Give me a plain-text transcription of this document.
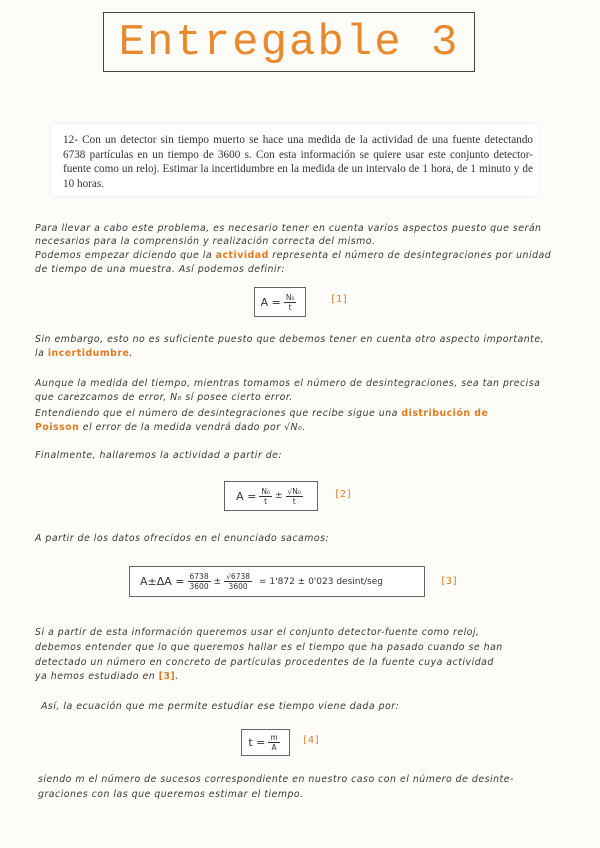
Entregable 3

12- Con un detector sin tiempo muerto se hace una medida de la actividad de una fuente detectando 6738 partículas en un tiempo de 3600 s. Con esta información se quiere usar este conjunto detector-fuente como un reloj. Estimar la incertidumbre en la medida de un intervalo de 1 hora, de 1 minuto y de 10 horas.

Para llevar a cabo este problema, es necesario tener en cuenta varios aspectos puesto que serán
necesarios para la comprensión y realización correcta del mismo.
Podemos empezar diciendo que la actividad representa el número de desintegraciones por unidad
de tiempo de una muestra. Así podemos definir:
$A = \frac{\text{N₀}}{t}$	[1]
Sin embargo, esto no es suficiente puesto que debemos tener en cuenta otro aspecto importante,
la incertidumbre.
Aunque la medida del tiempo, mientras tomamos el número de desintegraciones, sea tan precisa
que carezcamos de error, N₀ sí posee cierto error.
Entendiendo que el número de desintegraciones que recibe sigue una distribución de
Poisson el error de la medida vendrá dado por √N₀.
Finalmente, hallaremos la actividad a partir de:
$A = \frac{\text{N₀}}{t} \pm \frac{\text{√N₀}}{t}$	[2]
A partir de los datos ofrecidos en el enunciado sacamos:
$A\pm\Delta A = \frac{6738}{3600} \pm \frac{√6738}{3600} = 1'872 \pm 0'023$ desint/seg	[3]
Si a partir de esta información queremos usar el conjunto detector-fuente como reloj,
debemos entender que lo que queremos hallar es el tiempo que ha pasado cuando se han
detectado un número en concreto de partículas procedentes de la fuente cuya actividad
ya hemos estudiado en [3].
Así, la ecuación que me permite estudiar ese tiempo viene dada por:
$t = \frac{m}{A} [4]$
siendo m el número de sucesos correspondiente en nuestro caso con el número de desinte-
graciones con las que queremos estimar el tiempo.
